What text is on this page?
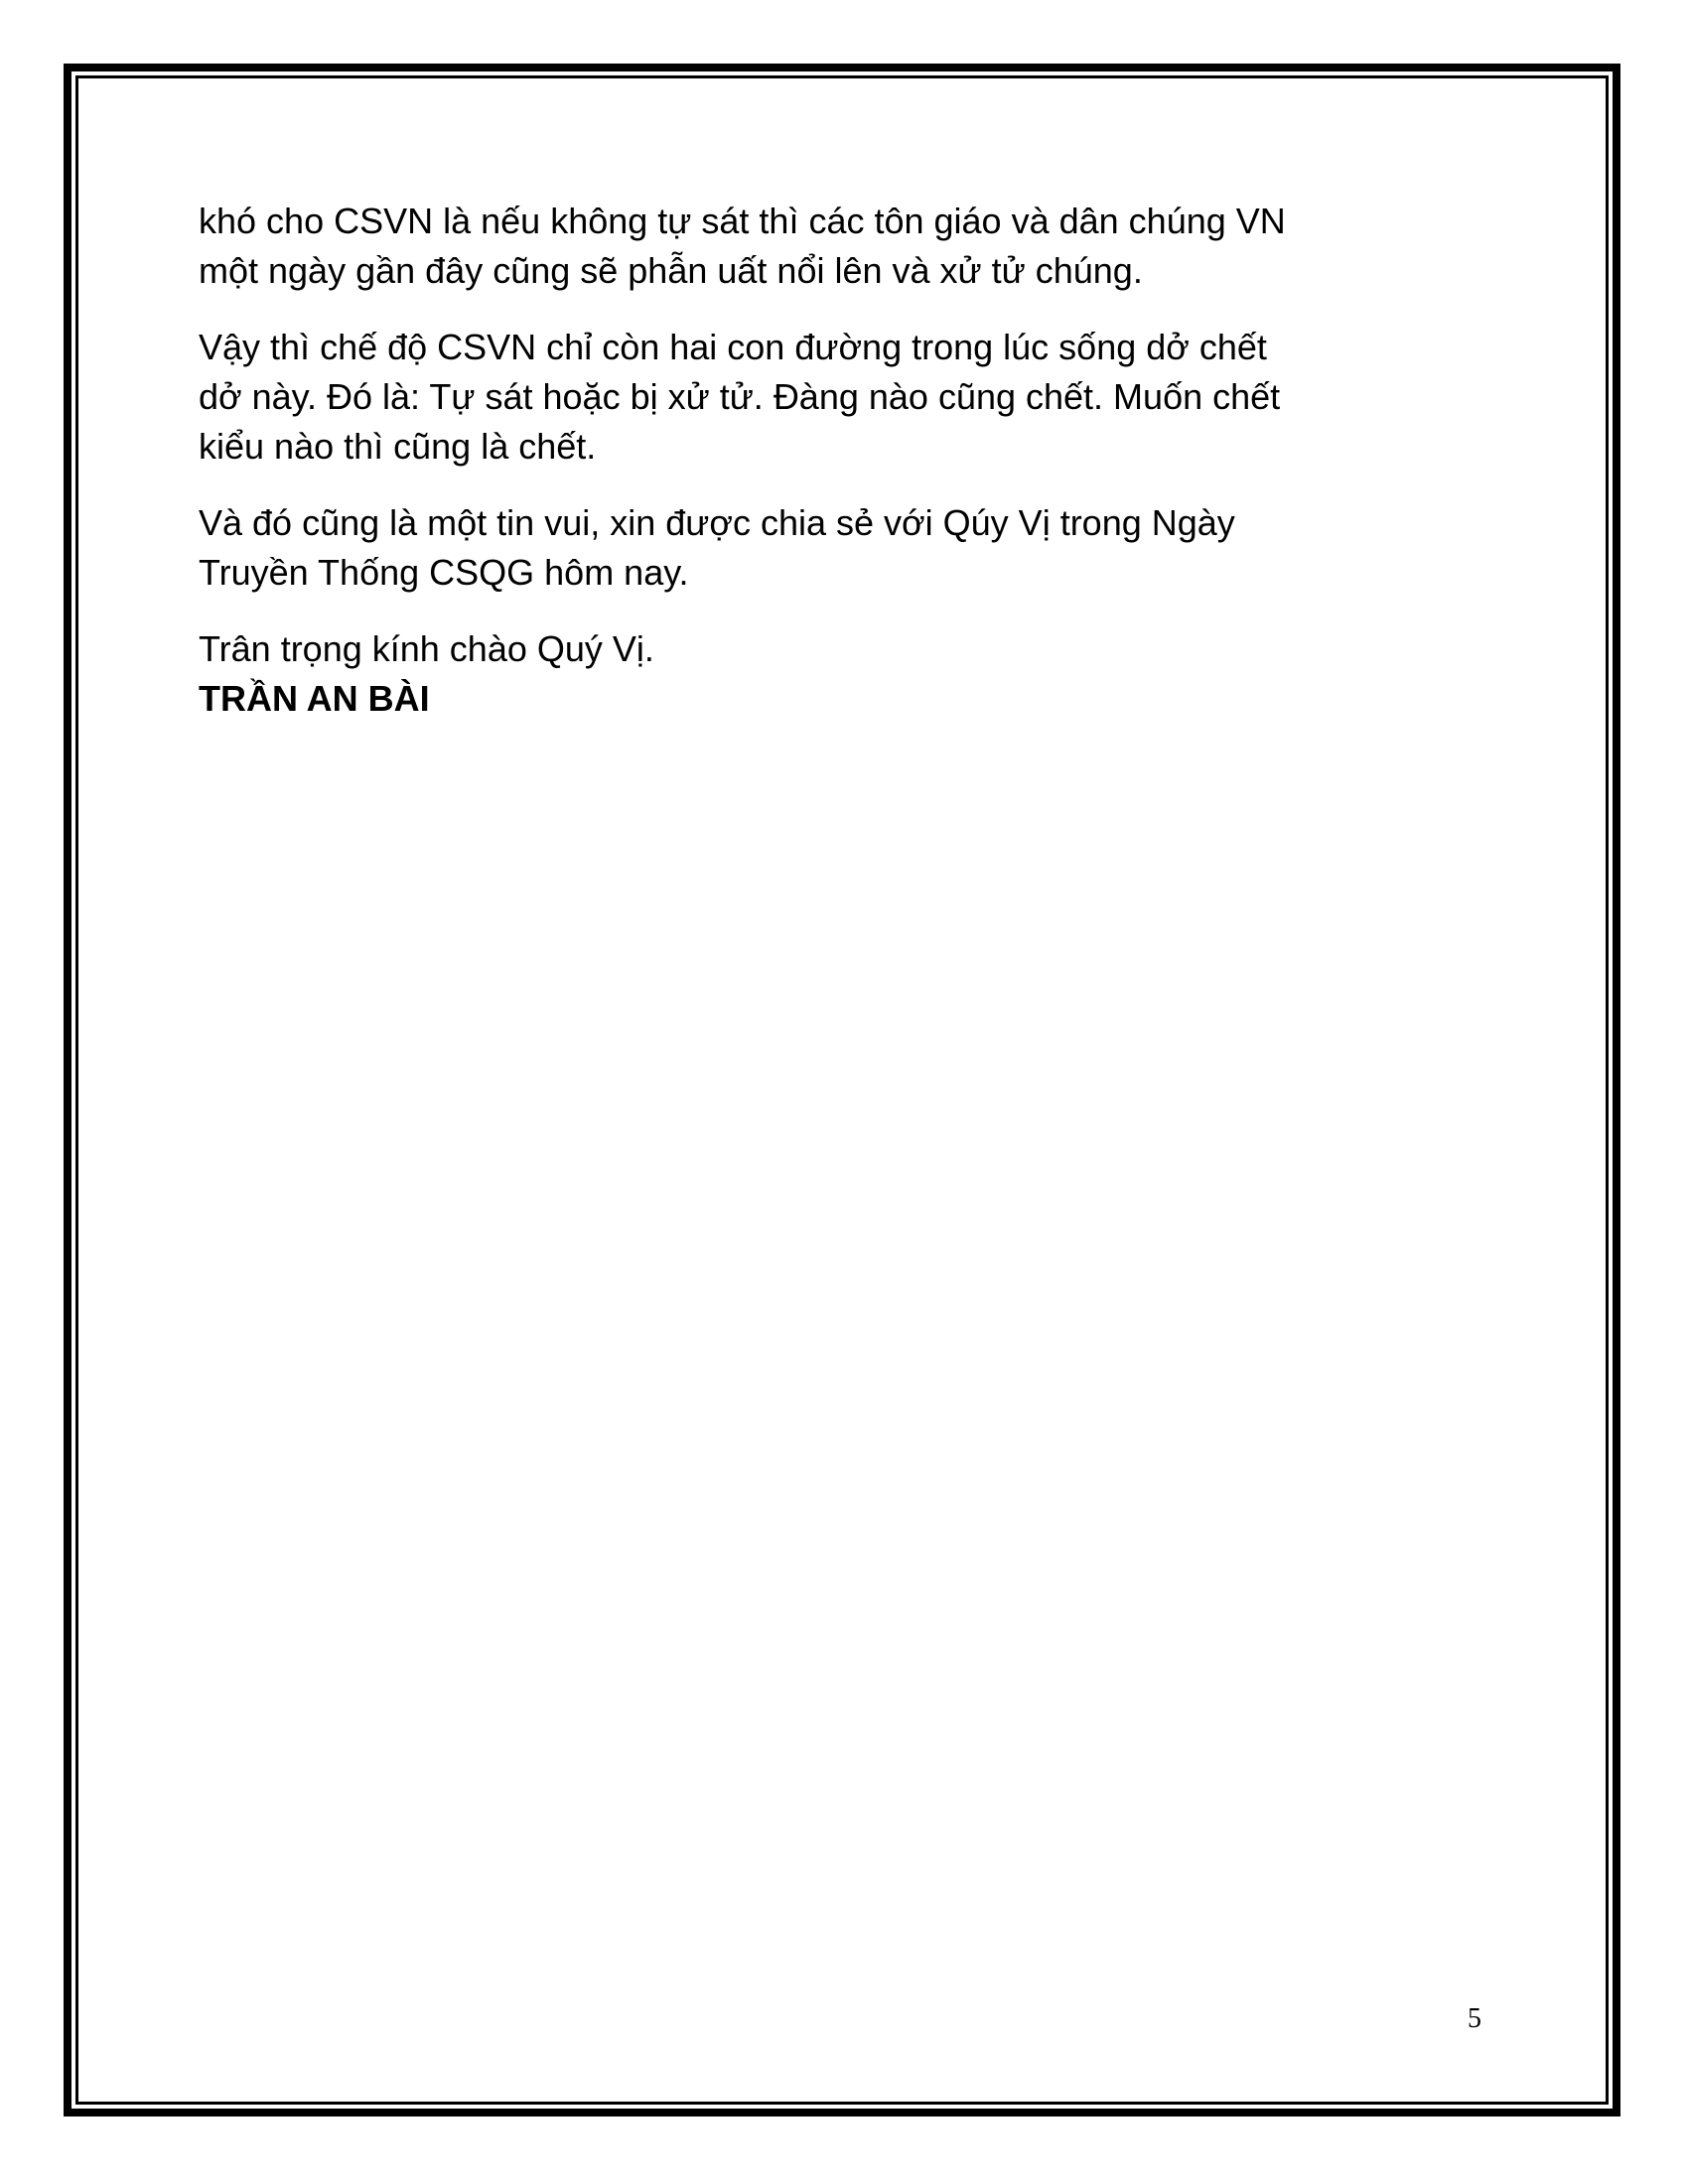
khó cho CSVN là nếu không tự sát thì các tôn giáo và dân chúng VN
một ngày gần đây cũng sẽ phẫn uất nổi lên và xử tử chúng.

Vậy thì chế độ CSVN chỉ còn hai con đường trong lúc sống dở chết
dở này. Đó là: Tự sát hoặc bị xử tử. Đàng nào cũng chết. Muốn chết
kiểu nào thì cũng là chết.

Và đó cũng là một tin vui, xin được chia sẻ với Qúy Vị trong Ngày
Truyền Thống CSQG hôm nay.

Trân trọng kính chào Quý Vị.
TRẦN AN BÀI

5
